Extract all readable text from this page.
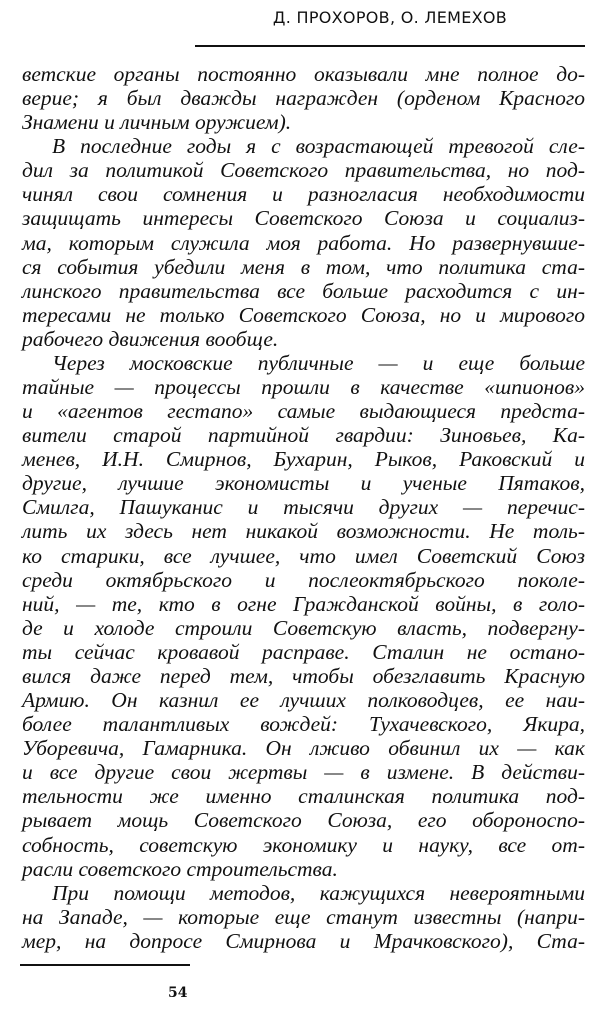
Д. ПРОХОРОВ, О. ЛЕМЕХОВ
ветские органы постоянно оказывали мне полное до-
верие; я был дважды награжден (орденом Красного
Знамени и личным оружием).
В последние годы я с возрастающей тревогой сле-
дил за политикой Советского правительства, но под-
чинял свои сомнения и разногласия необходимости
защищать интересы Советского Союза и социализ-
ма, которым служила моя работа. Но развернувшие-
ся события убедили меня в том, что политика ста-
линского правительства все больше расходится с ин-
тересами не только Советского Союза, но и мирового
рабочего движения вообще.
Через московские публичные — и еще больше
тайные — процессы прошли в качестве «шпионов»
и «агентов гестапо» самые выдающиеся предста-
вители старой партийной гвардии: Зиновьев, Ка-
менев, И.Н. Смирнов, Бухарин, Рыков, Раковский и
другие, лучшие экономисты и ученые Пятаков,
Смилга, Пашуканис и тысячи других — перечис-
лить их здесь нет никакой возможности. Не толь-
ко старики, все лучшее, что имел Советский Союз
среди октябрьского и послеоктябрьского поколе-
ний, — те, кто в огне Гражданской войны, в голо-
де и холоде строили Советскую власть, подвергну-
ты сейчас кровавой расправе. Сталин не остано-
вился даже перед тем, чтобы обезглавить Красную
Армию. Он казнил ее лучших полководцев, ее наи-
более талантливых вождей: Тухачевского, Якира,
Уборевича, Гамарника. Он лживо обвинил их — как
и все другие свои жертвы — в измене. В действи-
тельности же именно сталинская политика под-
рывает мощь Советского Союза, его обороноспо-
собность, советскую экономику и науку, все от-
расли советского строительства.
При помощи методов, кажущихся невероятными
на Западе, — которые еще станут известны (напри-
мер, на допросе Смирнова и Мрачковского), Ста-
54
